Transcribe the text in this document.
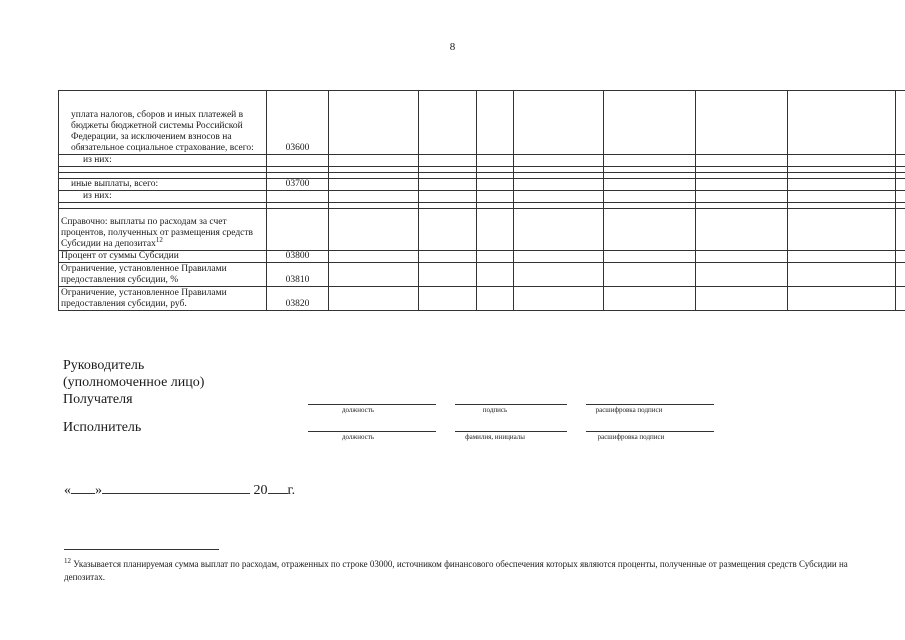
8
уплата налогов, сборов и иных платежей в бюджеты бюджетной системы Российской Федерации, за исключением взносов на обязательное социальное страхование, всего:	03600								
из них:									

иные выплаты, всего:	03700								
из них:									

Справочно: выплаты по расходам за счет процентов, полученных от размещения средств Субсидии на депозитах$^{12}$									
Процент от суммы Субсидии	03800								
Ограничение, установленное Правилами предоставления субсидии, %	03810								
Ограничение, установленное Правилами предоставления субсидии, руб.	03820								
Руководитель
(уполномоченное лицо)
Получателя
должность	подпись	расшифровка подписи
Исполнитель
должность	фамилия, инициалы	расшифровка подписи
« »	20 г.
$^{12}$ Указывается планируемая сумма выплат по расходам, отраженных по строке 03000, источником финансового обеспечения которых являются проценты, полученные от размещения средств Субсидии на депозитах.
